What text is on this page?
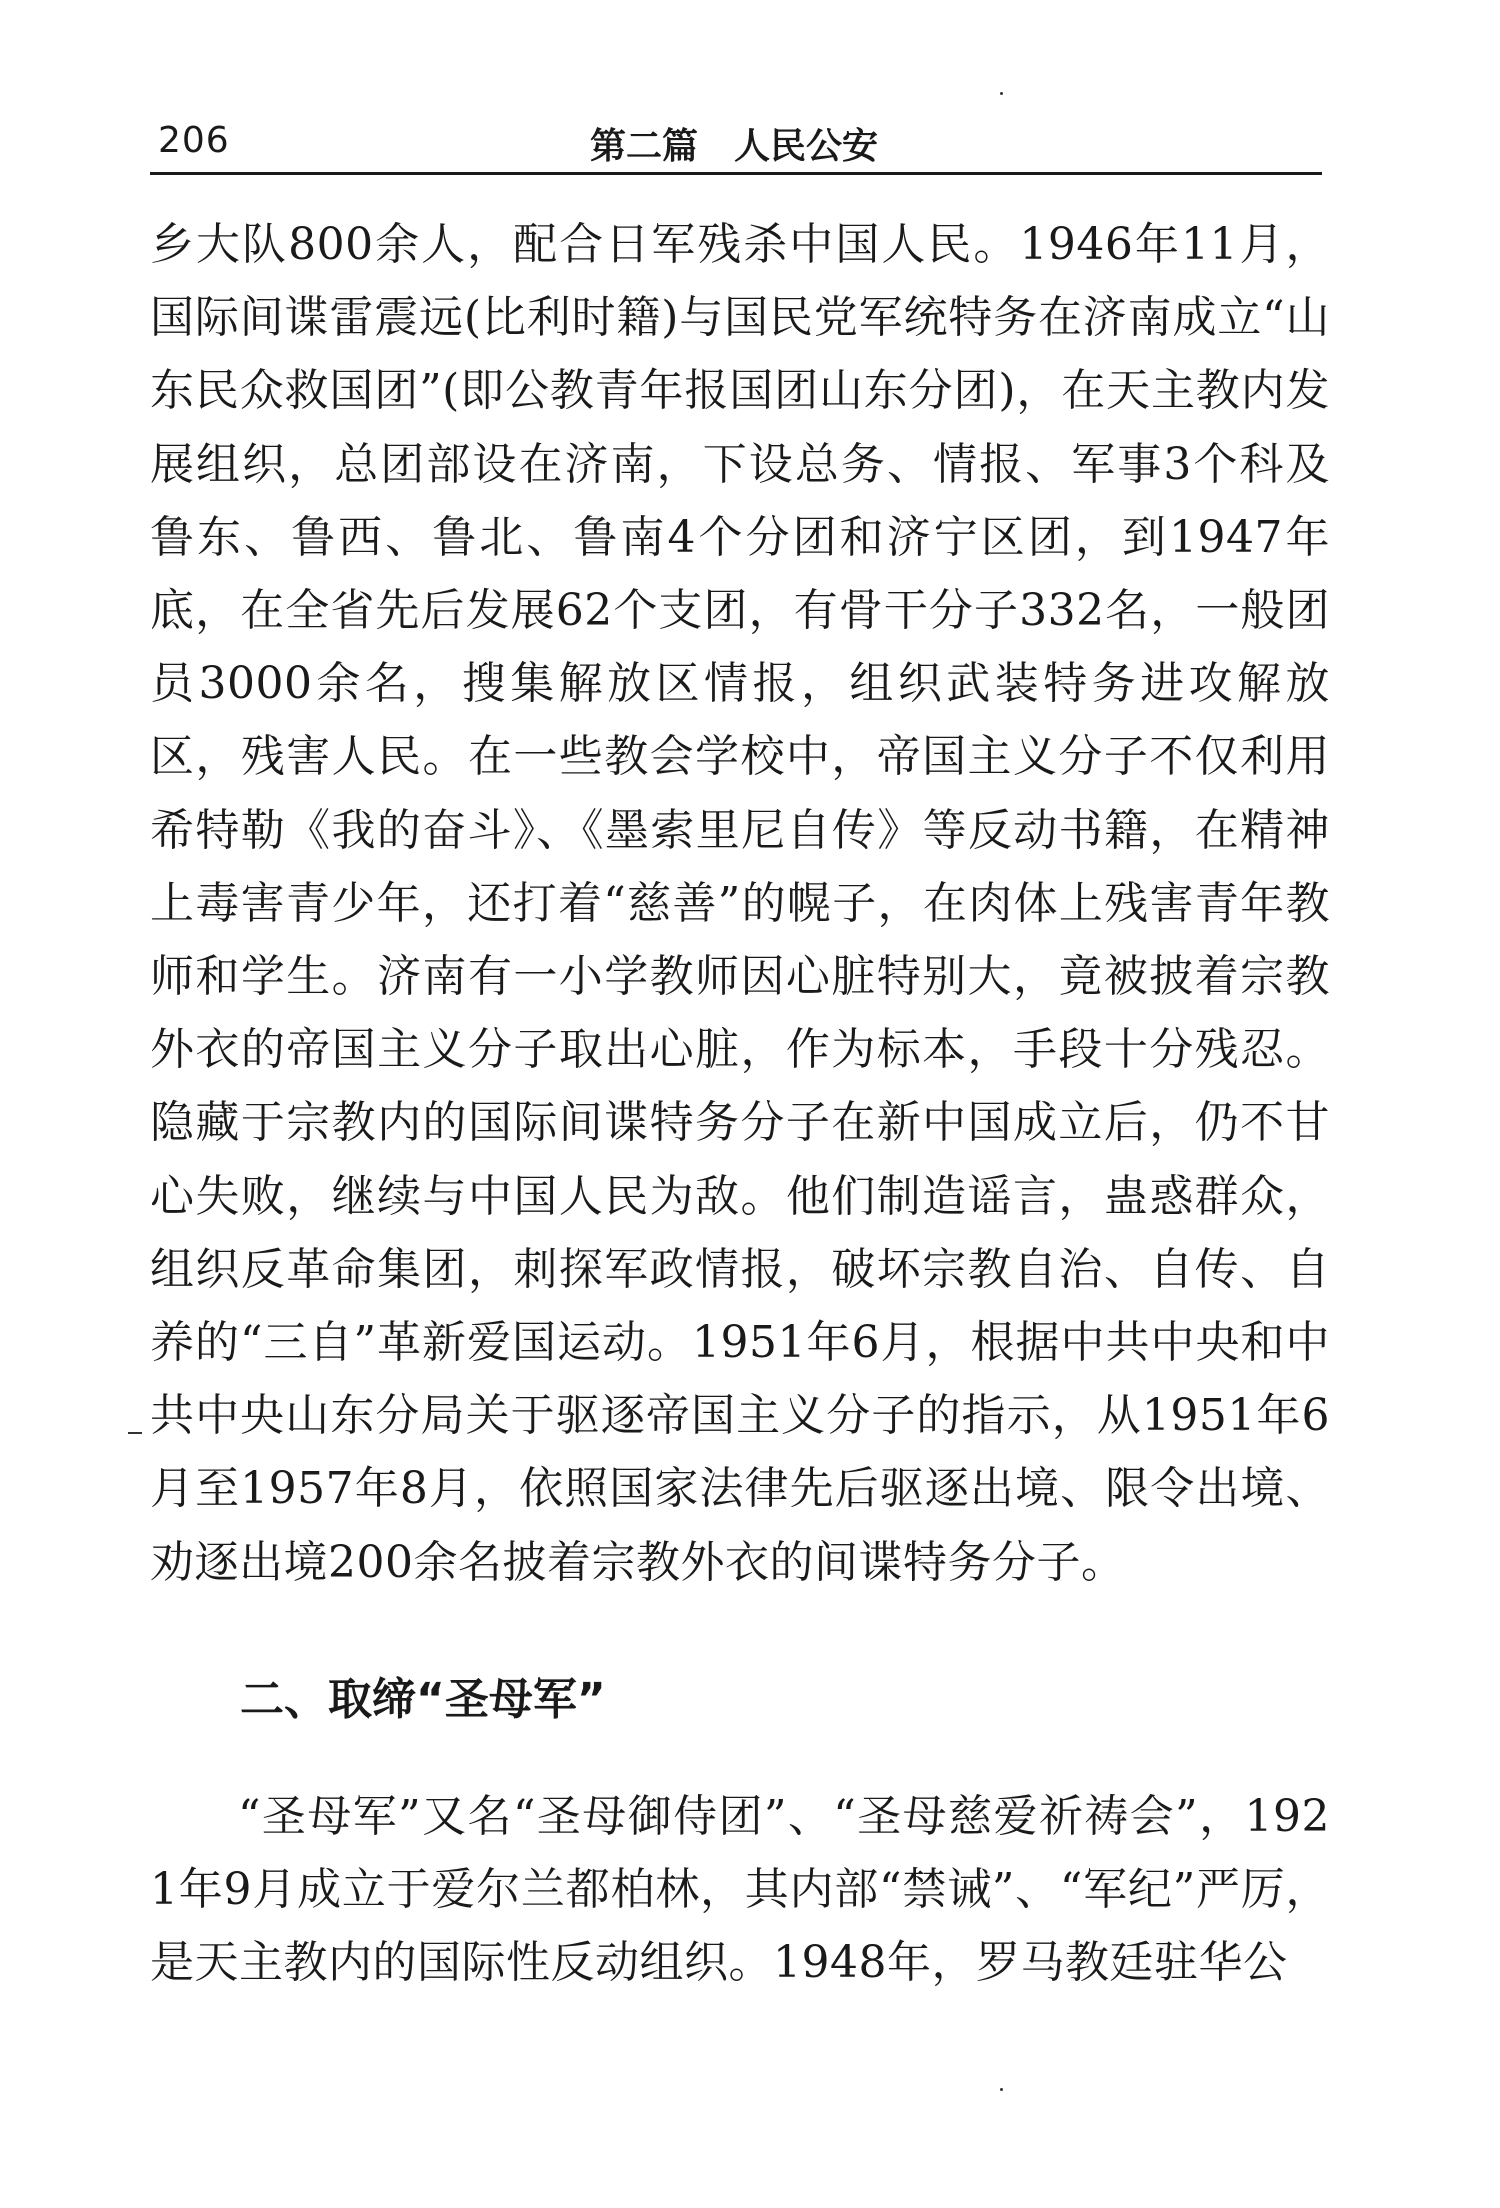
206	第二篇　人民公安

乡大队800余人，配合日军残杀中国人民。1946年11月，国际间谍雷震远(比利时籍)与国民党军统特务在济南成立“山东民众救国团”(即公教青年报国团山东分团)，在天主教内发展组织，总团部设在济南，下设总务、情报、军事3个科及鲁东、鲁西、鲁北、鲁南4个分团和济宁区团，到1947年底，在全省先后发展62个支团，有骨干分子332名，一般团员3000余名，搜集解放区情报，组织武装特务进攻解放区，残害人民。在一些教会学校中，帝国主义分子不仅利用希特勒《我的奋斗》、《墨索里尼自传》等反动书籍，在精神上毒害青少年，还打着“慈善”的幌子，在肉体上残害青年教师和学生。济南有一小学教师因心脏特别大，竟被披着宗教外衣的帝国主义分子取出心脏，作为标本，手段十分残忍。隐藏于宗教内的国际间谍特务分子在新中国成立后，仍不甘心失败，继续与中国人民为敌。他们制造谣言，蛊惑群众，组织反革命集团，刺探军政情报，破坏宗教自治、自传、自养的“三自”革新爱国运动。1951年6月，根据中共中央和中共中央山东分局关于驱逐帝国主义分子的指示，从1951年6月至1957年8月，依照国家法律先后驱逐出境、限令出境、劝逐出境200余名披着宗教外衣的间谍特务分子。

二、取缔“圣母军”

“圣母军”又名“圣母御侍团”、“圣母慈爱祈祷会”，1921年9月成立于爱尔兰都柏林，其内部“禁诫”、“军纪”严厉，是天主教内的国际性反动组织。1948年，罗马教廷驻华公
